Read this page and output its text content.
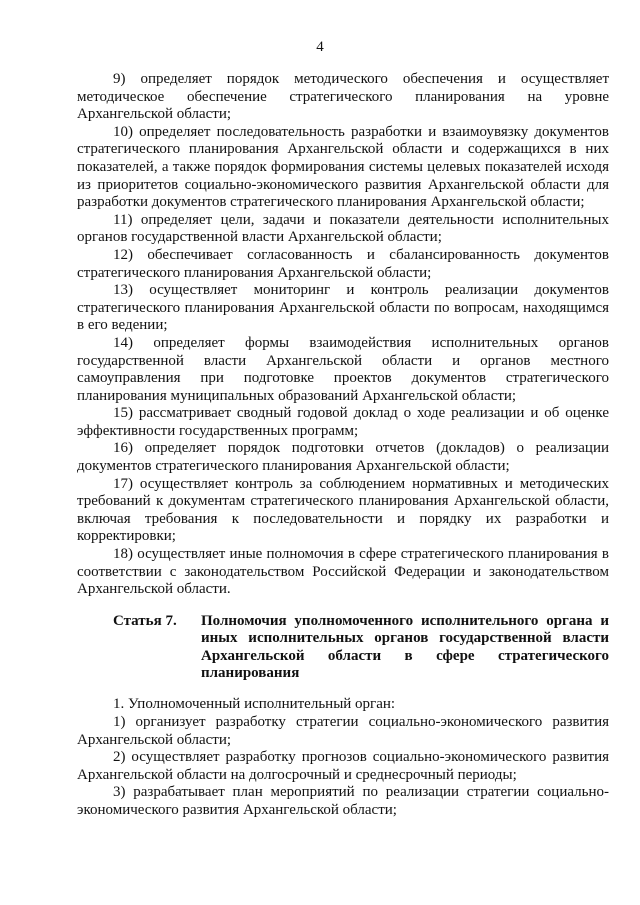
4

9) определяет порядок методического обеспечения и осуществляет методическое обеспечение стратегического планирования на уровне Архангельской области;

10) определяет последовательность разработки и взаимоувязку документов стратегического планирования Архангельской области и содержащихся в них показателей, а также порядок формирования системы целевых показателей исходя из приоритетов социально-экономического развития Архангельской области для разработки документов стратегического планирования Архангельской области;

11) определяет цели, задачи и показатели деятельности исполнительных органов государственной власти Архангельской области;

12) обеспечивает согласованность и сбалансированность документов стратегического планирования Архангельской области;

13) осуществляет мониторинг и контроль реализации документов стратегического планирования Архангельской области по вопросам, находящимся в его ведении;

14) определяет формы взаимодействия исполнительных органов государственной власти Архангельской области и органов местного самоуправления при подготовке проектов документов стратегического планирования муниципальных образований Архангельской области;

15) рассматривает сводный годовой доклад о ходе реализации и об оценке эффективности государственных программ;

16) определяет порядок подготовки отчетов (докладов) о реализации документов стратегического планирования Архангельской области;

17) осуществляет контроль за соблюдением нормативных и методических требований к документам стратегического планирования Архангельской области, включая требования к последовательности и порядку их разработки и корректировки;

18) осуществляет иные полномочия в сфере стратегического планирования в соответствии с законодательством Российской Федерации и законодательством Архангельской области.

Статья 7.	Полномочия уполномоченного исполнительного органа и иных исполнительных органов государственной власти Архангельской области в сфере стратегического планирования

1. Уполномоченный исполнительный орган:

1) организует разработку стратегии социально-экономического развития Архангельской области;

2) осуществляет разработку прогнозов социально-экономического развития Архангельской области на долгосрочный и среднесрочный периоды;

3) разрабатывает план мероприятий по реализации стратегии социально-экономического развития Архангельской области;
